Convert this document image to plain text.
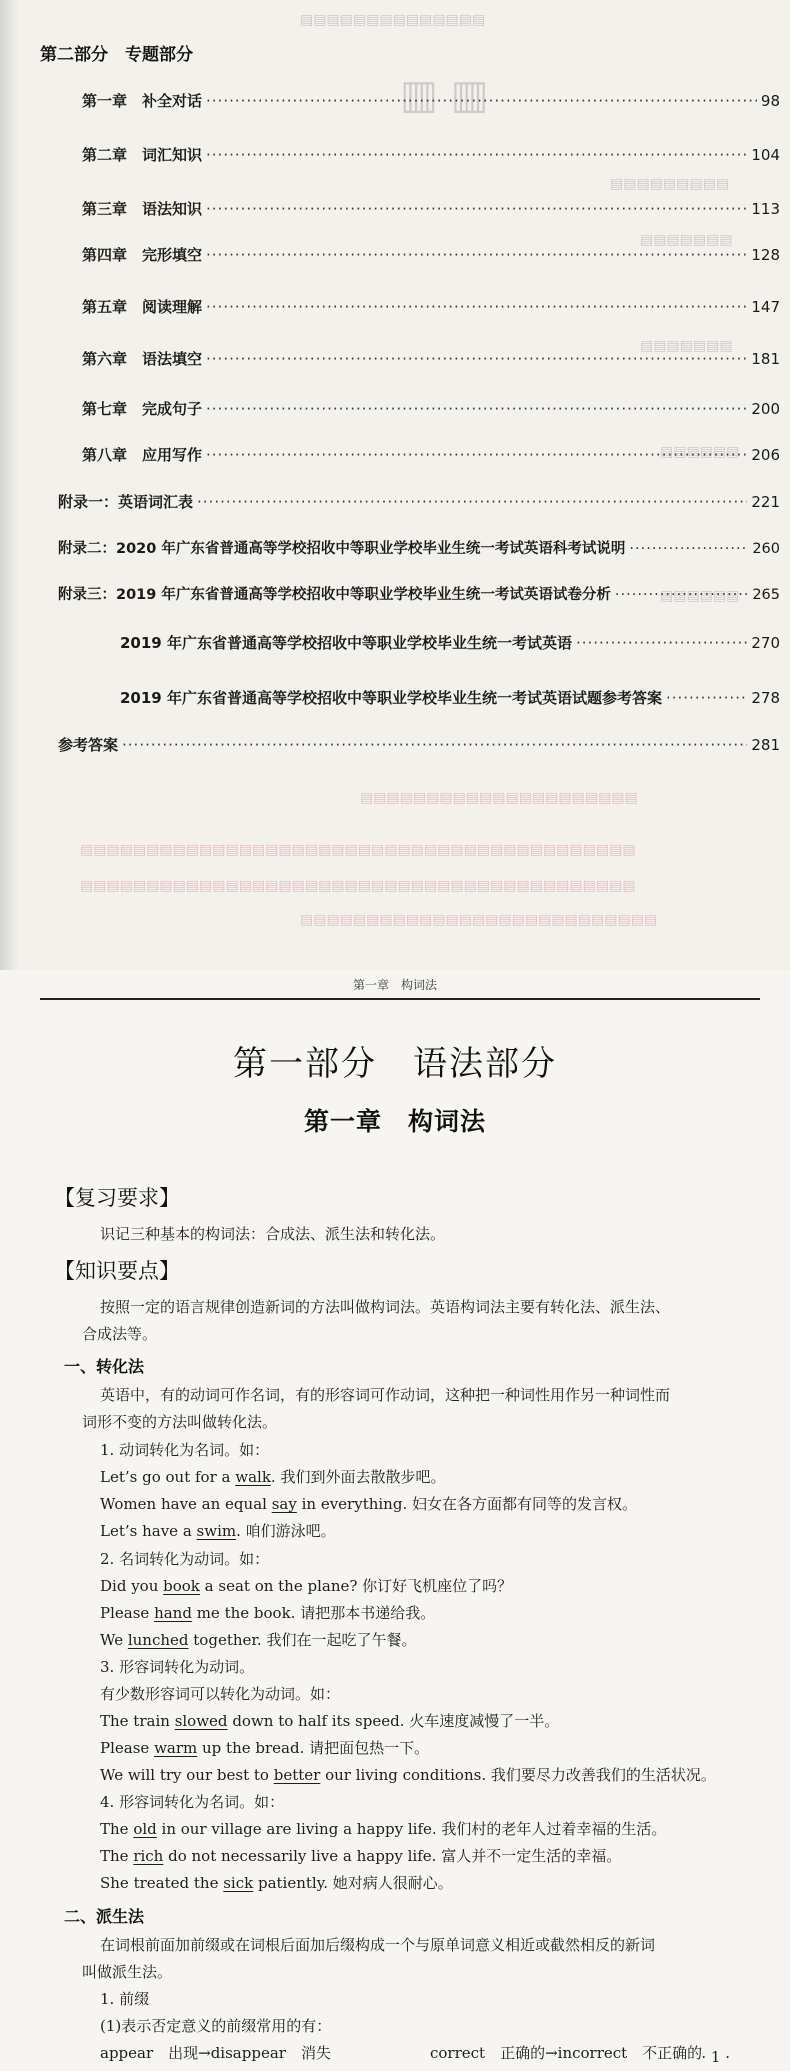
▤▤▤▤▤▤▤▤▤▤▤▤▤▤
▥ ▥
▤▤▤▤▤▤▤▤▤
▤▤▤▤▤▤▤
▤▤▤▤▤▤▤
▤▤▤▤▤▤
▤▤▤▤▤▤
▤▤▤▤▤▤▤▤▤▤▤▤▤▤▤▤▤▤▤▤▤
▤▤▤▤▤▤▤▤▤▤▤▤▤▤▤▤▤▤▤▤▤▤▤▤▤▤▤▤▤▤▤▤▤▤▤▤▤▤▤▤▤▤
▤▤▤▤▤▤▤▤▤▤▤▤▤▤▤▤▤▤▤▤▤▤▤▤▤▤▤▤▤▤▤▤▤▤▤▤▤▤▤▤▤▤
▤▤▤▤▤▤▤▤▤▤▤▤▤▤▤▤▤▤▤▤▤▤▤▤▤▤▤
第二部分　专题部分
第一章　补全对话 ·····	98
第二章　词汇知识 ·····	104
第三章　语法知识 ·····	113
第四章　完形填空 ·····	128
第五章　阅读理解 ·····	147
第六章　语法填空 ·····	181
第七章　完成句子 ·····	200
第八章　应用写作 ·····	206
附录一：英语词汇表 ·····	221
附录二：2020 年广东省普通高等学校招收中等职业学校毕业生统一考试英语科考试说明 ·····	260
附录三：2019 年广东省普通高等学校招收中等职业学校毕业生统一考试英语试卷分析 ·····	265
2019 年广东省普通高等学校招收中等职业学校毕业生统一考试英语 ·····	270
2019 年广东省普通高等学校招收中等职业学校毕业生统一考试英语试题参考答案 ·····	278
参考答案 ·····	281
第一章　构词法
第一部分　语法部分
第一章　构词法
【复习要求】
识记三种基本的构词法：合成法、派生法和转化法。
【知识要点】
按照一定的语言规律创造新词的方法叫做构词法。英语构词法主要有转化法、派生法、
合成法等。
一、转化法
英语中，有的动词可作名词，有的形容词可作动词，这种把一种词性用作另一种词性而
词形不变的方法叫做转化法。
1. 动词转化为名词。如：
Let’s go out for a walk. 我们到外面去散散步吧。
Women have an equal say in everything. 妇女在各方面都有同等的发言权。
Let’s have a swim. 咱们游泳吧。
2. 名词转化为动词。如：
Did you book a seat on the plane? 你订好飞机座位了吗？
Please hand me the book. 请把那本书递给我。
We lunched together. 我们在一起吃了午餐。
3. 形容词转化为动词。
有少数形容词可以转化为动词。如：
The train slowed down to half its speed. 火车速度减慢了一半。
Please warm up the bread. 请把面包热一下。
We will try our best to better our living conditions. 我们要尽力改善我们的生活状况。
4. 形容词转化为名词。如：
The old in our village are living a happy life. 我们村的老年人过着幸福的生活。
The rich do not necessarily live a happy life. 富人并不一定生活的幸福。
She treated the sick patiently. 她对病人很耐心。
二、派生法
在词根前面加前缀或在词根后面加后缀构成一个与原单词意义相近或截然相反的新词
叫做派生法。
1. 前缀
(1)表示否定意义的前缀常用的有：
appear　出现→disappear　消失	correct　正确的→incorrect　不正确的 · 1 ·
